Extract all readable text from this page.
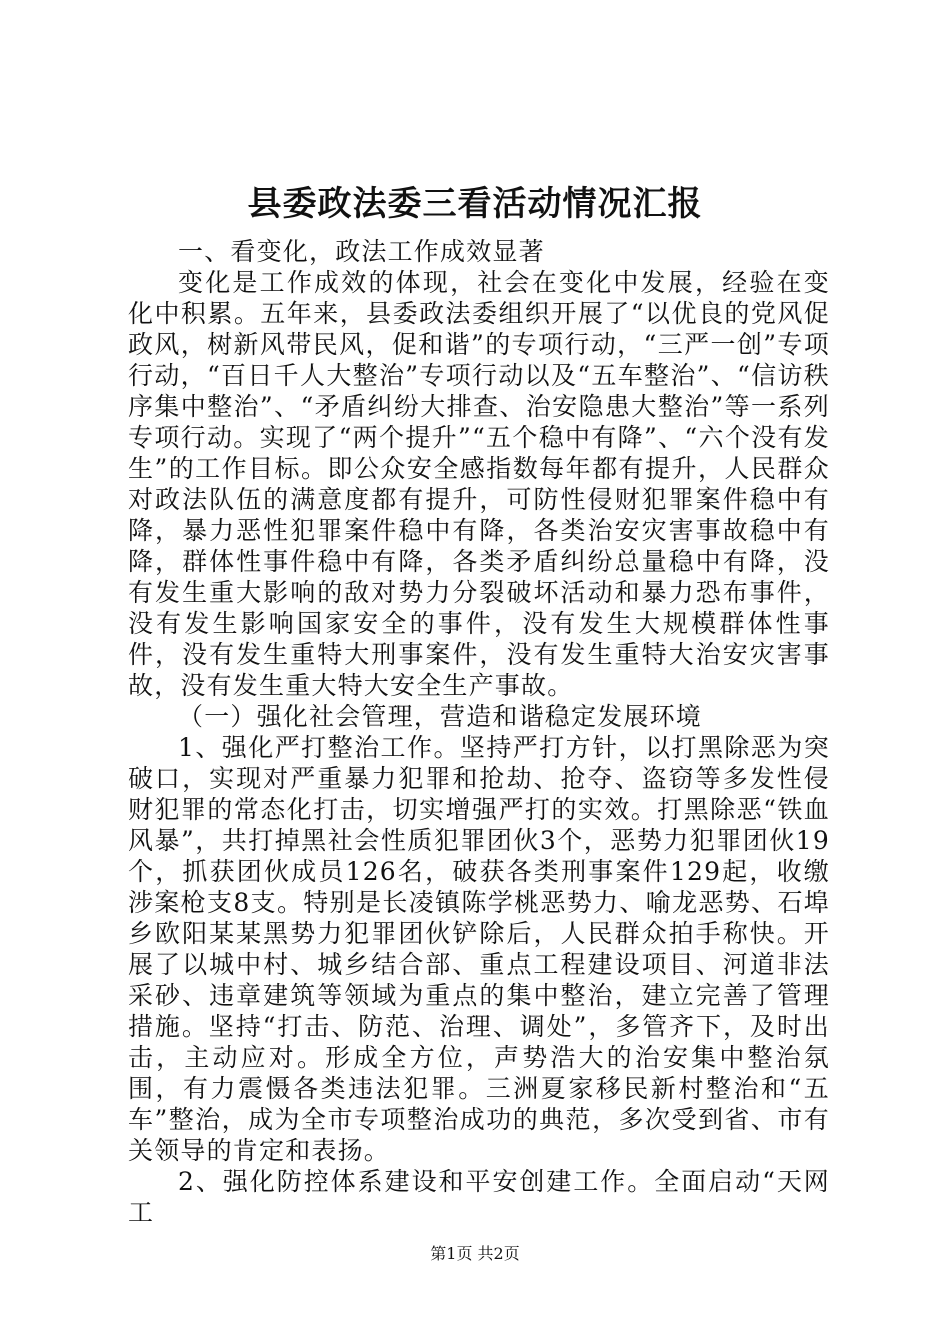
县委政法委三看活动情况汇报

一、看变化，政法工作成效显著

变化是工作成效的体现，社会在变化中发展，经验在变化中积累。五年来，县委政法委组织开展了“以优良的党风促政风，树新风带民风，促和谐”的专项行动，“三严一创”专项行动，“百日千人大整治”专项行动以及“五车整治”、“信访秩序集中整治”、“矛盾纠纷大排查、治安隐患大整治”等一系列专项行动。实现了“两个提升”“五个稳中有降”、“六个没有发生”的工作目标。即公众安全感指数每年都有提升，人民群众对政法队伍的满意度都有提升，可防性侵财犯罪案件稳中有降，暴力恶性犯罪案件稳中有降，各类治安灾害事故稳中有降，群体性事件稳中有降，各类矛盾纠纷总量稳中有降，没有发生重大影响的敌对势力分裂破坏活动和暴力恐布事件，没有发生影响国家安全的事件，没有发生大规模群体性事件，没有发生重特大刑事案件，没有发生重特大治安灾害事故，没有发生重大特大安全生产事故。

（一）强化社会管理，营造和谐稳定发展环境

1、强化严打整治工作。坚持严打方针，以打黑除恶为突破口，实现对严重暴力犯罪和抢劫、抢夺、盗窃等多发性侵财犯罪的常态化打击，切实增强严打的实效。打黑除恶“铁血风暴”，共打掉黑社会性质犯罪团伙3个，恶势力犯罪团伙19个，抓获团伙成员126名，破获各类刑事案件129起，收缴涉案枪支8支。特别是长凌镇陈学桃恶势力、喻龙恶势、石埠乡欧阳某某黑势力犯罪团伙铲除后，人民群众拍手称快。开展了以城中村、城乡结合部、重点工程建设项目、河道非法采砂、违章建筑等领域为重点的集中整治，建立完善了管理措施。坚持“打击、防范、治理、调处”，多管齐下，及时出击，主动应对。形成全方位，声势浩大的治安集中整治氛围，有力震慑各类违法犯罪。三洲夏家移民新村整治和“五车”整治，成为全市专项整治成功的典范，多次受到省、市有关领导的肯定和表扬。

2、强化防控体系建设和平安创建工作。全面启动“天网工

第1页 共2页
